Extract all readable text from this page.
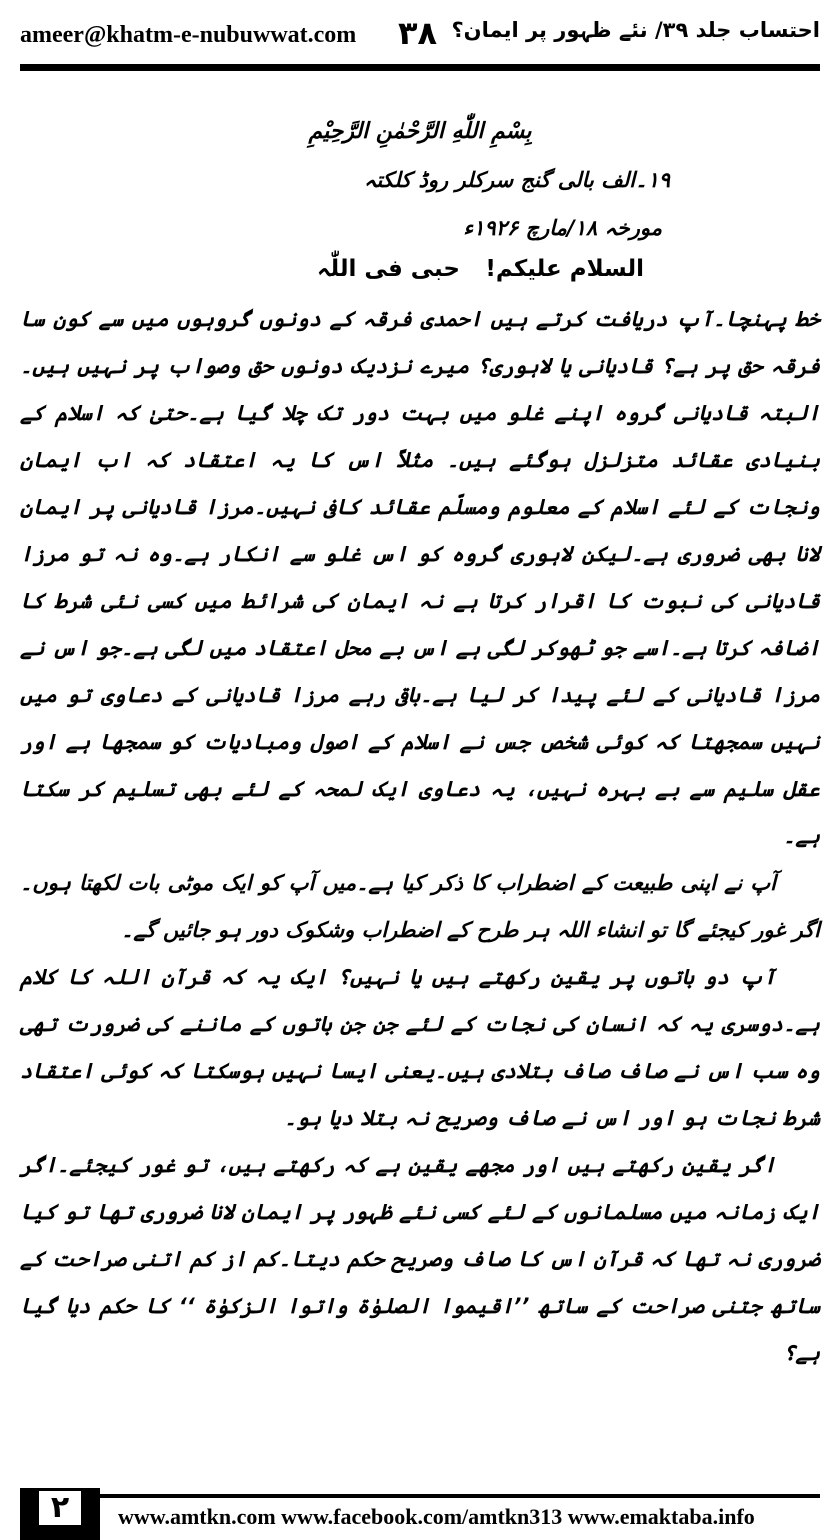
ameer@khatm-e-nubuwwat.com ۳۸ احتساب جلد ۳۹/ نئے ظہور پر ایمان؟
بِسْمِ اللّٰهِ الرَّحْمٰنِ الرَّحِيْمِ
۱۹۔الف بالی گنج سرکلر روڈ کلکتہ
مورخہ ۱۸/مارچ ۱۹۲۶ء
حبی فی اللّٰہ السلام علیکم!

خط پہنچا۔آپ دریافت کرتے ہیں احمدی فرقہ کے دونوں گروہوں میں سے کون سا فرقہ حق پر ہے؟ قادیانی یا لاہوری؟ میرے نزدیک دونوں حق وصواب پر نہیں ہیں۔البتہ قادیانی گروہ اپنے غلو میں بہت دور تک چلا گیا ہے۔حتیٰ کہ اسلام کے بنیادی عقائد متزلزل ہوگئے ہیں۔ مثلاً اس کا یہ اعتقاد کہ اب ایمان ونجات کے لئے اسلام کے معلوم ومسلّم عقائد کافی نہیں۔مرزا قادیانی پر ایمان لانا بھی ضروری ہے۔لیکن لاہوری گروہ کو اس غلو سے انکار ہے۔وہ نہ تو مرزا قادیانی کی نبوت کا اقرار کرتا ہے نہ ایمان کی شرائط میں کسی نئی شرط کا اضافہ کرتا ہے۔اسے جو ٹھوکر لگی ہے اس بے محل اعتقاد میں لگی ہے۔جو اس نے مرزا قادیانی کے لئے پیدا کر لیا ہے۔باقی رہے مرزا قادیانی کے دعاوی تو میں نہیں سمجھتا کہ کوئی شخص جس نے اسلام کے اصول ومبادیات کو سمجھا ہے اور عقل سلیم سے بے بہرہ نہیں، یہ دعاوی ایک لمحہ کے لئے بھی تسلیم کر سکتا ہے۔

آپ نے اپنی طبیعت کے اضطراب کا ذکر کیا ہے۔میں آپ کو ایک موٹی بات لکھتا ہوں۔اگر غور کیجئے گا تو انشاء اللہ ہر طرح کے اضطراب وشکوک دور ہو جائیں گے۔

آپ دو باتوں پر یقین رکھتے ہیں یا نہیں؟ ایک یہ کہ قرآن اللہ کا کلام ہے۔دوسری یہ کہ انسان کی نجات کے لئے جن جن باتوں کے ماننے کی ضرورت تھی وہ سب اس نے صاف صاف بتلادی ہیں۔یعنی ایسا نہیں ہوسکتا کہ کوئی اعتقاد شرط نجات ہو اور اس نے صاف وصریح نہ بتلا دیا ہو۔

اگر یقین رکھتے ہیں اور مجھے یقین ہے کہ رکھتے ہیں، تو غور کیجئے۔اگر ایک زمانہ میں مسلمانوں کے لئے کسی نئے ظہور پر ایمان لانا ضروری تھا تو کیا ضروری نہ تھا کہ قرآن اس کا صاف وصریح حکم دیتا۔کم از کم اتنی صراحت کے ساتھ جتنی صراحت کے ساتھ ’’اقیموا الصلوٰۃ واتوا الزکوٰۃ ‘‘ کا حکم دیا گیا ہے؟

۲	www.amtkn.com www.facebook.com/amtkn313 www.emaktaba.info
